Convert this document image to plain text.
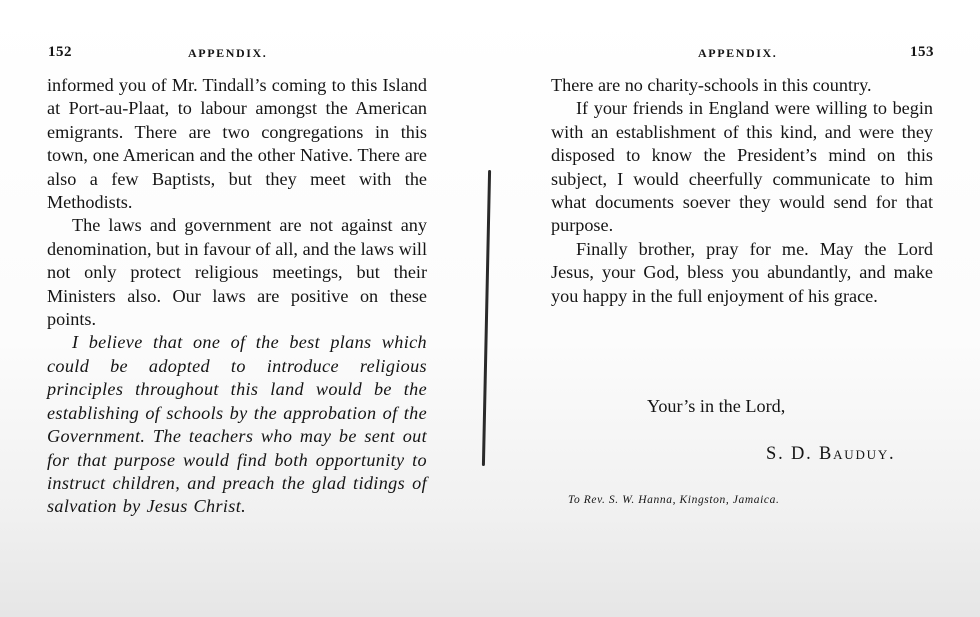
152	APPENDIX.

informed you of Mr. Tindall’s coming to this Island at Port-au-Plaat, to labour amongst the American emigrants. There are two congregations in this town, one American and the other Native. There are also a few Baptists, but they meet with the Methodists.

The laws and government are not against any denomination, but in favour of all, and the laws will not only protect religious meetings, but their Ministers also. Our laws are positive on these points.

I believe that one of the best plans which could be adopted to introduce religious principles throughout this land would be the establishing of schools by the approbation of the Government. The teachers who may be sent out for that purpose would find both opportunity to instruct children, and preach the glad tidings of salvation by Jesus Christ.

APPENDIX.	153

There are no charity-schools in this country.

If your friends in England were willing to begin with an establishment of this kind, and were they disposed to know the President’s mind on this subject, I would cheerfully communicate to him what documents soever they would send for that purpose.

Finally brother, pray for me. May the Lord Jesus, your God, bless you abundantly, and make you happy in the full enjoyment of his grace.

Your’s in the Lord,
S. D. Bauduy.
To Rev. S. W. Hanna, Kingston, Jamaica.
